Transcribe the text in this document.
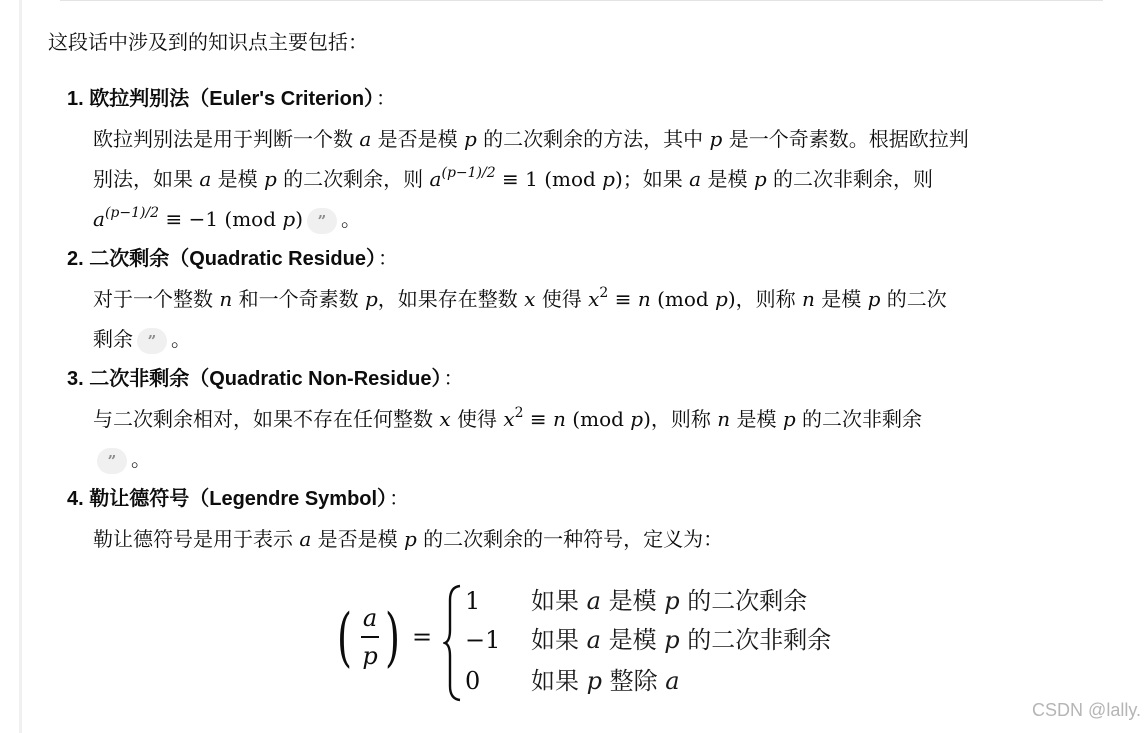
这段话中涉及到的知识点主要包括：
1. 欧拉判别法（Euler's Criterion） ：
欧拉判别法是用于判断一个数 a 是否是模 p 的二次剩余的方法，其中 p 是一个奇素数。根据欧拉判
别法，如果 a 是模 p 的二次剩余，则 $a^{(p-1)/2} \equiv 1$ (mod p)；如果 a 是模 p 的二次非剩余，则
$a^{(p-1)/2} \equiv -1$ (mod p) ” 。
2. 二次剩余（Quadratic Residue） ：
对于一个整数 n 和一个奇素数 p，如果存在整数 x 使得 $x^2 \equiv n$ (mod p)，则称 n 是模 p 的二次
剩余 ” 。
3. 二次非剩余（Quadratic Non-Residue） ：
与二次剩余相对，如果不存在任何整数 x 使得 $x^2 \equiv n$ (mod p)，则称 n 是模 p 的二次非剩余
” 。
4. 勒让德符号（Legendre Symbol） ：
勒让德符号是用于表示 a 是否是模 p 的二次剩余的一种符号，定义为：
( a
p ) =
1 如果 a 是模 p 的二次剩余
−1 如果 a 是模 p 的二次非剩余
0 如果 p 整除 a
CSDN @lally.
